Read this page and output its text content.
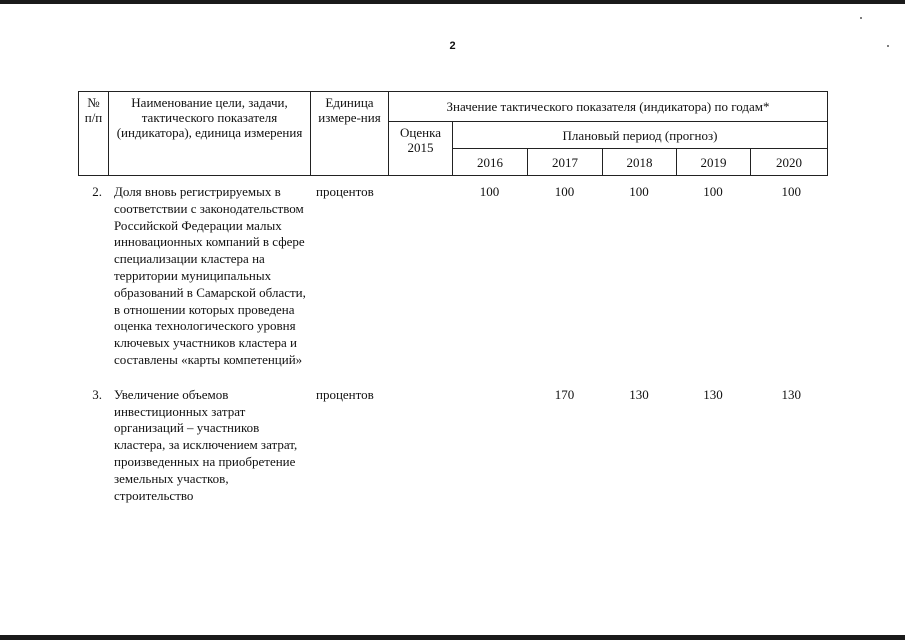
2
№ п/п	Наименование цели, задачи, тактического показателя (индикатора), единица измерения	Единица измере-ния	Значение тактического показателя (индикатора) по годам*					
			Оценка 2015	Плановый период (прогноз)				
				2016	2017	2018	2019	2020
2.	Доля вновь регистрируемых в соответствии с законодательством Российской Федерации малых инновационных компаний в сфере специализации кластера на территории муниципальных образований в Самарской области, в отношении которых проведена оценка технологического уровня ключевых участников кластера и составлены «карты компетенций»	процентов		100	100	100	100	100

3.	Увеличение объемов инвестиционных затрат организаций – участников кластера, за исключением затрат, произведенных на приобретение земельных участков, строительство	процентов			170	130	130	130
